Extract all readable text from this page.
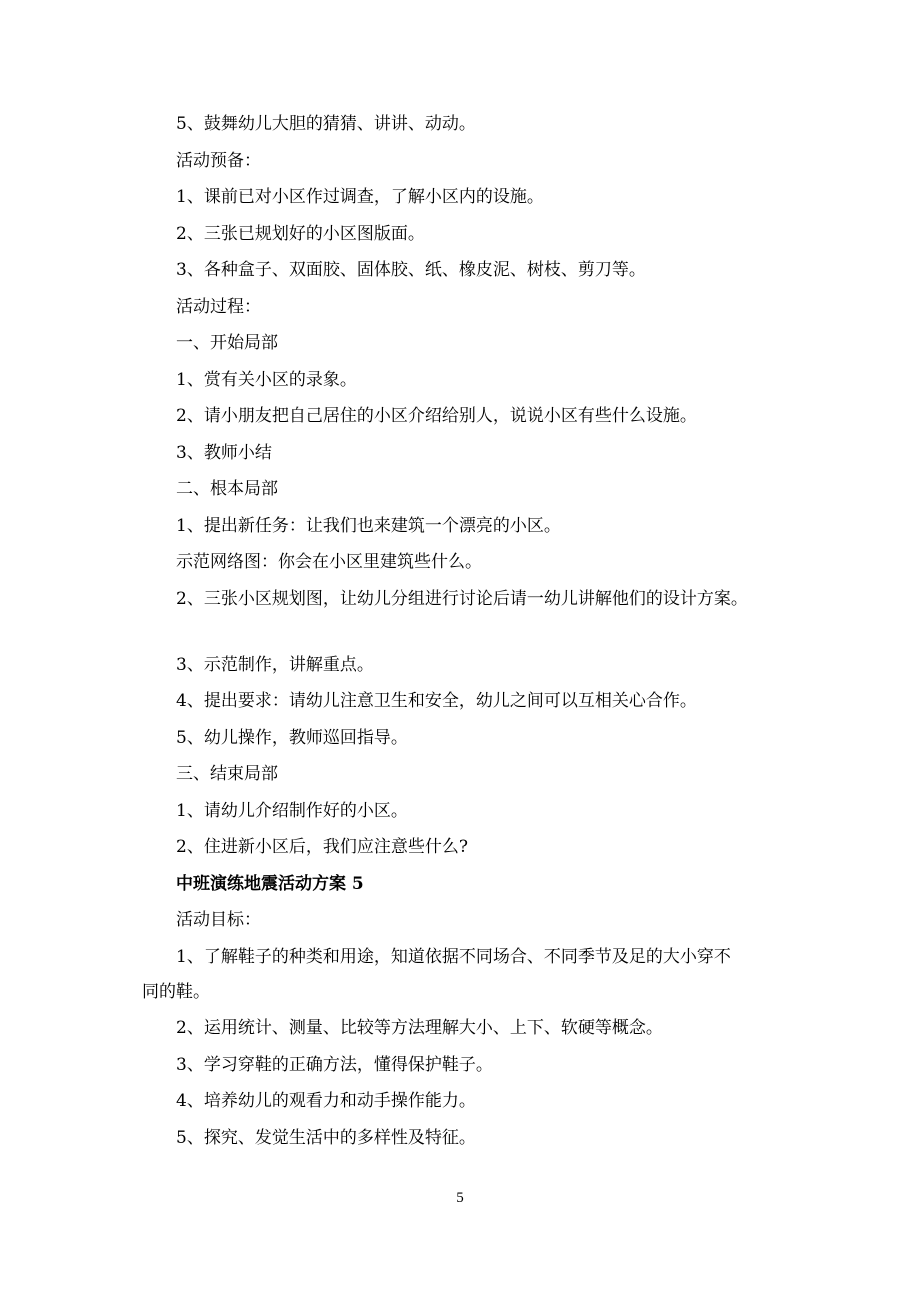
5、鼓舞幼儿大胆的猜猜、讲讲、动动。
活动预备：
1、课前已对小区作过调查，了解小区内的设施。
2、三张已规划好的小区图版面。
3、各种盒子、双面胶、固体胶、纸、橡皮泥、树枝、剪刀等。
活动过程：
一、开始局部
1、赏有关小区的录象。
2、请小朋友把自己居住的小区介绍给别人，说说小区有些什么设施。
3、教师小结
二、根本局部
1、提出新任务：让我们也来建筑一个漂亮的小区。
示范网络图：你会在小区里建筑些什么。
2、三张小区规划图，让幼儿分组进行讨论后请一幼儿讲解他们的设计方案。
3、示范制作，讲解重点。
4、提出要求：请幼儿注意卫生和安全，幼儿之间可以互相关心合作。
5、幼儿操作，教师巡回指导。
三、结束局部
1、请幼儿介绍制作好的小区。
2、住进新小区后，我们应注意些什么?
中班演练地震活动方案 5
活动目标：
1、了解鞋子的种类和用途，知道依据不同场合、不同季节及足的大小穿不
同的鞋。
2、运用统计、测量、比较等方法理解大小、上下、软硬等概念。
3、学习穿鞋的正确方法，懂得保护鞋子。
4、培养幼儿的观看力和动手操作能力。
5、探究、发觉生活中的多样性及特征。
5
